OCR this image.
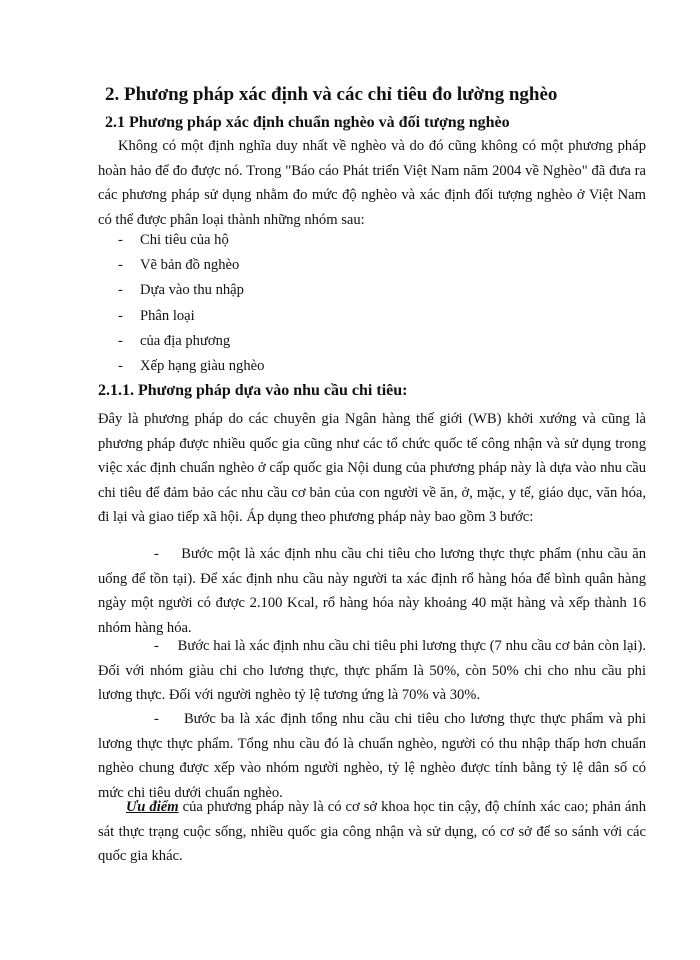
2. Phương pháp xác định và các chỉ tiêu đo lường nghèo
2.1 Phương pháp xác định chuẩn nghèo và đối tượng nghèo
Không có một định nghĩa duy nhất về nghèo và do đó cũng không có một phương pháp hoàn hảo để đo được nó. Trong "Báo cáo Phát triển Việt Nam năm 2004 về Nghèo" đã đưa ra các phương pháp sử dụng nhằm đo mức độ nghèo và xác định đối tượng nghèo ở Việt Nam có thể được phân loại thành những nhóm sau:
- Chi tiêu của hộ
- Vẽ bản đồ nghèo
- Dựa vào thu nhập
- Phân loại
- của địa phương
- Xếp hạng giàu nghèo
2.1.1. Phương pháp dựa vào nhu cầu chi tiêu:
Đây là phương pháp do các chuyên gia Ngân hàng thế giới (WB) khởi xướng và cũng là phương pháp được nhiều quốc gia cũng như các tổ chức quốc tế công nhận và sử dụng trong việc xác định chuẩn nghèo ở cấp quốc gia Nội dung của phương pháp này là dựa vào nhu cầu chi tiêu để đảm bảo các nhu cầu cơ bản của con người về ăn, ở, mặc, y tế, giáo dục, văn hóa, đi lại và giao tiếp xã hội. Áp dụng theo phương pháp này bao gồm 3 bước:
- Bước một là xác định nhu cầu chi tiêu cho lương thực thực phẩm (nhu cầu ăn uống để tồn tại). Để xác định nhu cầu này người ta xác định rổ hàng hóa để bình quân hàng ngày một người có được 2.100 Kcal, rổ hàng hóa này khoảng 40 mặt hàng và xếp thành 16 nhóm hàng hóa.
- Bước hai là xác định nhu cầu chi tiêu phi lương thực (7 nhu cầu cơ bản còn lại). Đối với nhóm giàu chi cho lương thực, thực phẩm là 50%, còn 50% chi cho nhu cầu phi lương thực. Đối với người nghèo tỷ lệ tương ứng là 70% và 30%.
- Bước ba là xác định tổng nhu cầu chi tiêu cho lương thực thực phẩm và phi lương thực thực phẩm. Tổng nhu cầu đó là chuẩn nghèo, người có thu nhập thấp hơn chuẩn nghèo chung được xếp vào nhóm người nghèo, tỷ lệ nghèo được tính bằng tỷ lệ dân số có mức chi tiêu dưới chuẩn nghèo.
Ưu điểm của phương pháp này là có cơ sở khoa học tin cậy, độ chính xác cao; phản ánh sát thực trạng cuộc sống, nhiều quốc gia công nhận và sử dụng, có cơ sở để so sánh với các quốc gia khác.
